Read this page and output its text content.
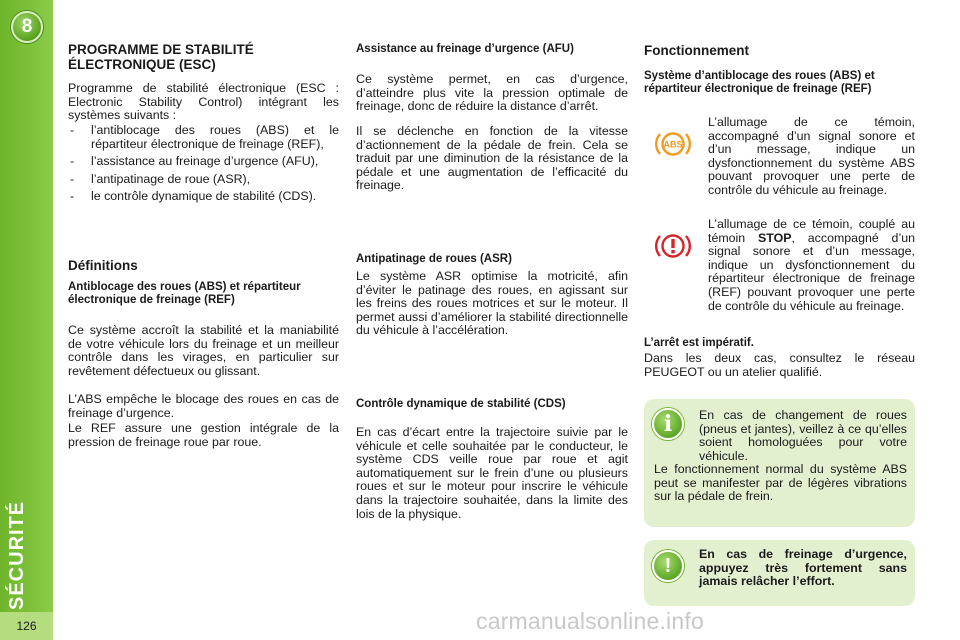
8
SÉCURITÉ
126
PROGRAMME DE STABILITÉ
ÉLECTRONIQUE (ESC)

Programme de stabilité électronique (ESC : Electronic Stability Control) intégrant les systèmes suivants :

- l’antiblocage des roues (ABS) et le répartiteur électronique de freinage (REF),
- l’assistance au freinage d’urgence (AFU),
- l’antipatinage de roue (ASR),
- le contrôle dynamique de stabilité (CDS).
Définitions
Antiblocage des roues (ABS) et répartiteur électronique de freinage (REF)

Ce système accroît la stabilité et la maniabilité de votre véhicule lors du freinage et un meilleur contrôle dans les virages, en particulier sur revêtement défectueux ou glissant.

L’ABS empêche le blocage des roues en cas de freinage d’urgence.

Le REF assure une gestion intégrale de la pression de freinage roue par roue.

Assistance au freinage d’urgence (AFU)

Ce système permet, en cas d’urgence, d’atteindre plus vite la pression optimale de freinage, donc de réduire la distance d’arrêt.

Il se déclenche en fonction de la vitesse d’actionnement de la pédale de frein. Cela se traduit par une diminution de la résistance de la pédale et une augmentation de l’efficacité du freinage.

Antipatinage de roues (ASR)

Le système ASR optimise la motricité, afin d’éviter le patinage des roues, en agissant sur les freins des roues motrices et sur le moteur. Il permet aussi d’améliorer la stabilité directionnelle du véhicule à l’accélération.

Contrôle dynamique de stabilité (CDS)

En cas d’écart entre la trajectoire suivie par le véhicule et celle souhaitée par le conducteur, le système CDS veille roue par roue et agit automatiquement sur le frein d’une ou plusieurs roues et sur le moteur pour inscrire le véhicule dans la trajectoire souhaitée, dans la limite des lois de la physique.

Fonctionnement
Système d’antiblocage des roues (ABS) et répartiteur électronique de freinage (REF)
ABS

L’allumage de ce témoin, accompagné d’un signal sonore et d’un message, indique un dysfonctionnement du système ABS pouvant provoquer une perte de contrôle du véhicule au freinage.

L’allumage de ce témoin, couplé au témoin STOP, accompagné d’un signal sonore et d’un message, indique un dysfonctionnement du répartiteur électronique de freinage (REF) pouvant provoquer une perte de contrôle du véhicule au freinage.

L’arrêt est impératif.

Dans les deux cas, consultez le réseau PEUGEOT ou un atelier qualifié.

i	En cas de changement de roues (pneus et jantes), veillez à ce qu’elles soient homologuées pour votre véhicule.

Le fonctionnement normal du système ABS peut se manifester par de légères vibrations sur la pédale de frein.

!

En cas de freinage d’urgence, appuyez très fortement sans jamais relâcher l’effort.

carmanualsonline.info
